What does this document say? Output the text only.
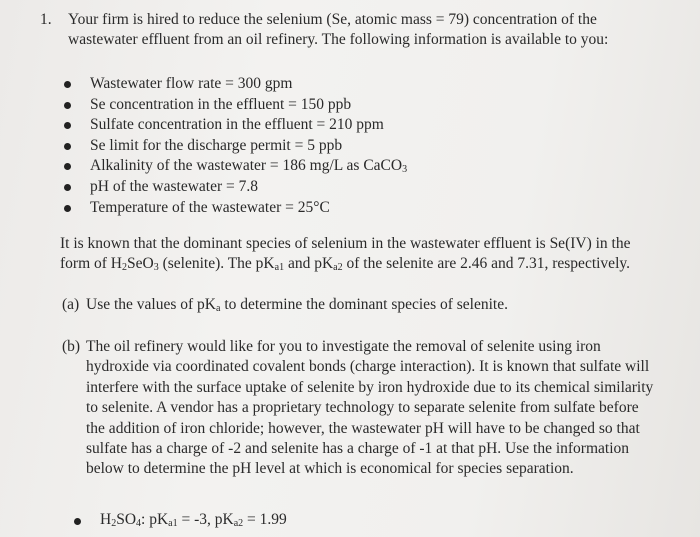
1. Your firm is hired to reduce the selenium (Se, atomic mass = 79) concentration of the
wastewater effluent from an oil refinery. The following information is available to you:
Wastewater flow rate = 300 gpm
Se concentration in the effluent = 150 ppb
Sulfate concentration in the effluent = 210 ppm
Se limit for the discharge permit = 5 ppb
Alkalinity of the wastewater = 186 mg/L as CaCO$_3$
pH of the wastewater = 7.8
Temperature of the wastewater = 25°C
It is known that the dominant species of selenium in the wastewater effluent is Se(IV) in the
form of $H_2SeO_3$ (selenite). The $pK_{a1}$ and $pK_{a2}$ of the selenite are 2.46 and 7.31, respectively.
(a) Use the values of $pK_a$ to determine the dominant species of selenite.
(b) The oil refinery would like for you to investigate the removal of selenite using iron
hydroxide via coordinated covalent bonds (charge interaction). It is known that sulfate will
interfere with the surface uptake of selenite by iron hydroxide due to its chemical similarity
to selenite. A vendor has a proprietary technology to separate selenite from sulfate before
the addition of iron chloride; however, the wastewater pH will have to be changed so that
sulfate has a charge of -2 and selenite has a charge of -1 at that pH. Use the information
below to determine the pH level at which is economical for species separation.
$H_2SO_4$: $pK_{a1} = -3$, $pK_{a2} = 1.99$
